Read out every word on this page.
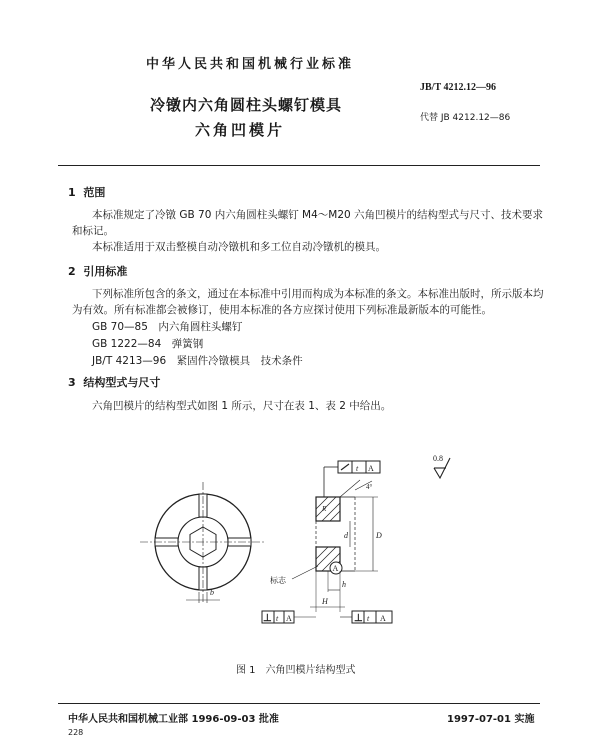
中华人民共和国机械行业标准
JB/T 4212.12—96
冷镦内六角圆柱头螺钉模具
六角凹模片
代替 JB 4212.12—86
1 范围
本标准规定了冷镦 GB 70 内六角圆柱头螺钉 M4～M20 六角凹模片的结构型式与尺寸、技术要求
和标记。
本标准适用于双击整模自动冷镦机和多工位自动冷镦机的模具。
2 引用标准
下列标准所包含的条文，通过在本标准中引用而构成为本标准的条文。本标准出版时，所示版本均
为有效。所有标准都会被修订，使用本标准的各方应探讨使用下列标准最新版本的可能性。
GB 70—85　内六角圆柱头螺钉
GB 1222—84　弹簧钢
JB/T 4213—96　紧固件冷镦模具　技术条件
3 结构型式与尺寸
六角凹模片的结构型式如图 1 所示，尺寸在表 1、表 2 中给出。
0.8
b
A
t
4°
R
d	D
A
标志	h
H
⊥ t A	⊥ t A
图 1　六角凹模片结构型式
中华人民共和国机械工业部 1996-09-03 批准	1997-07-01 实施
228
